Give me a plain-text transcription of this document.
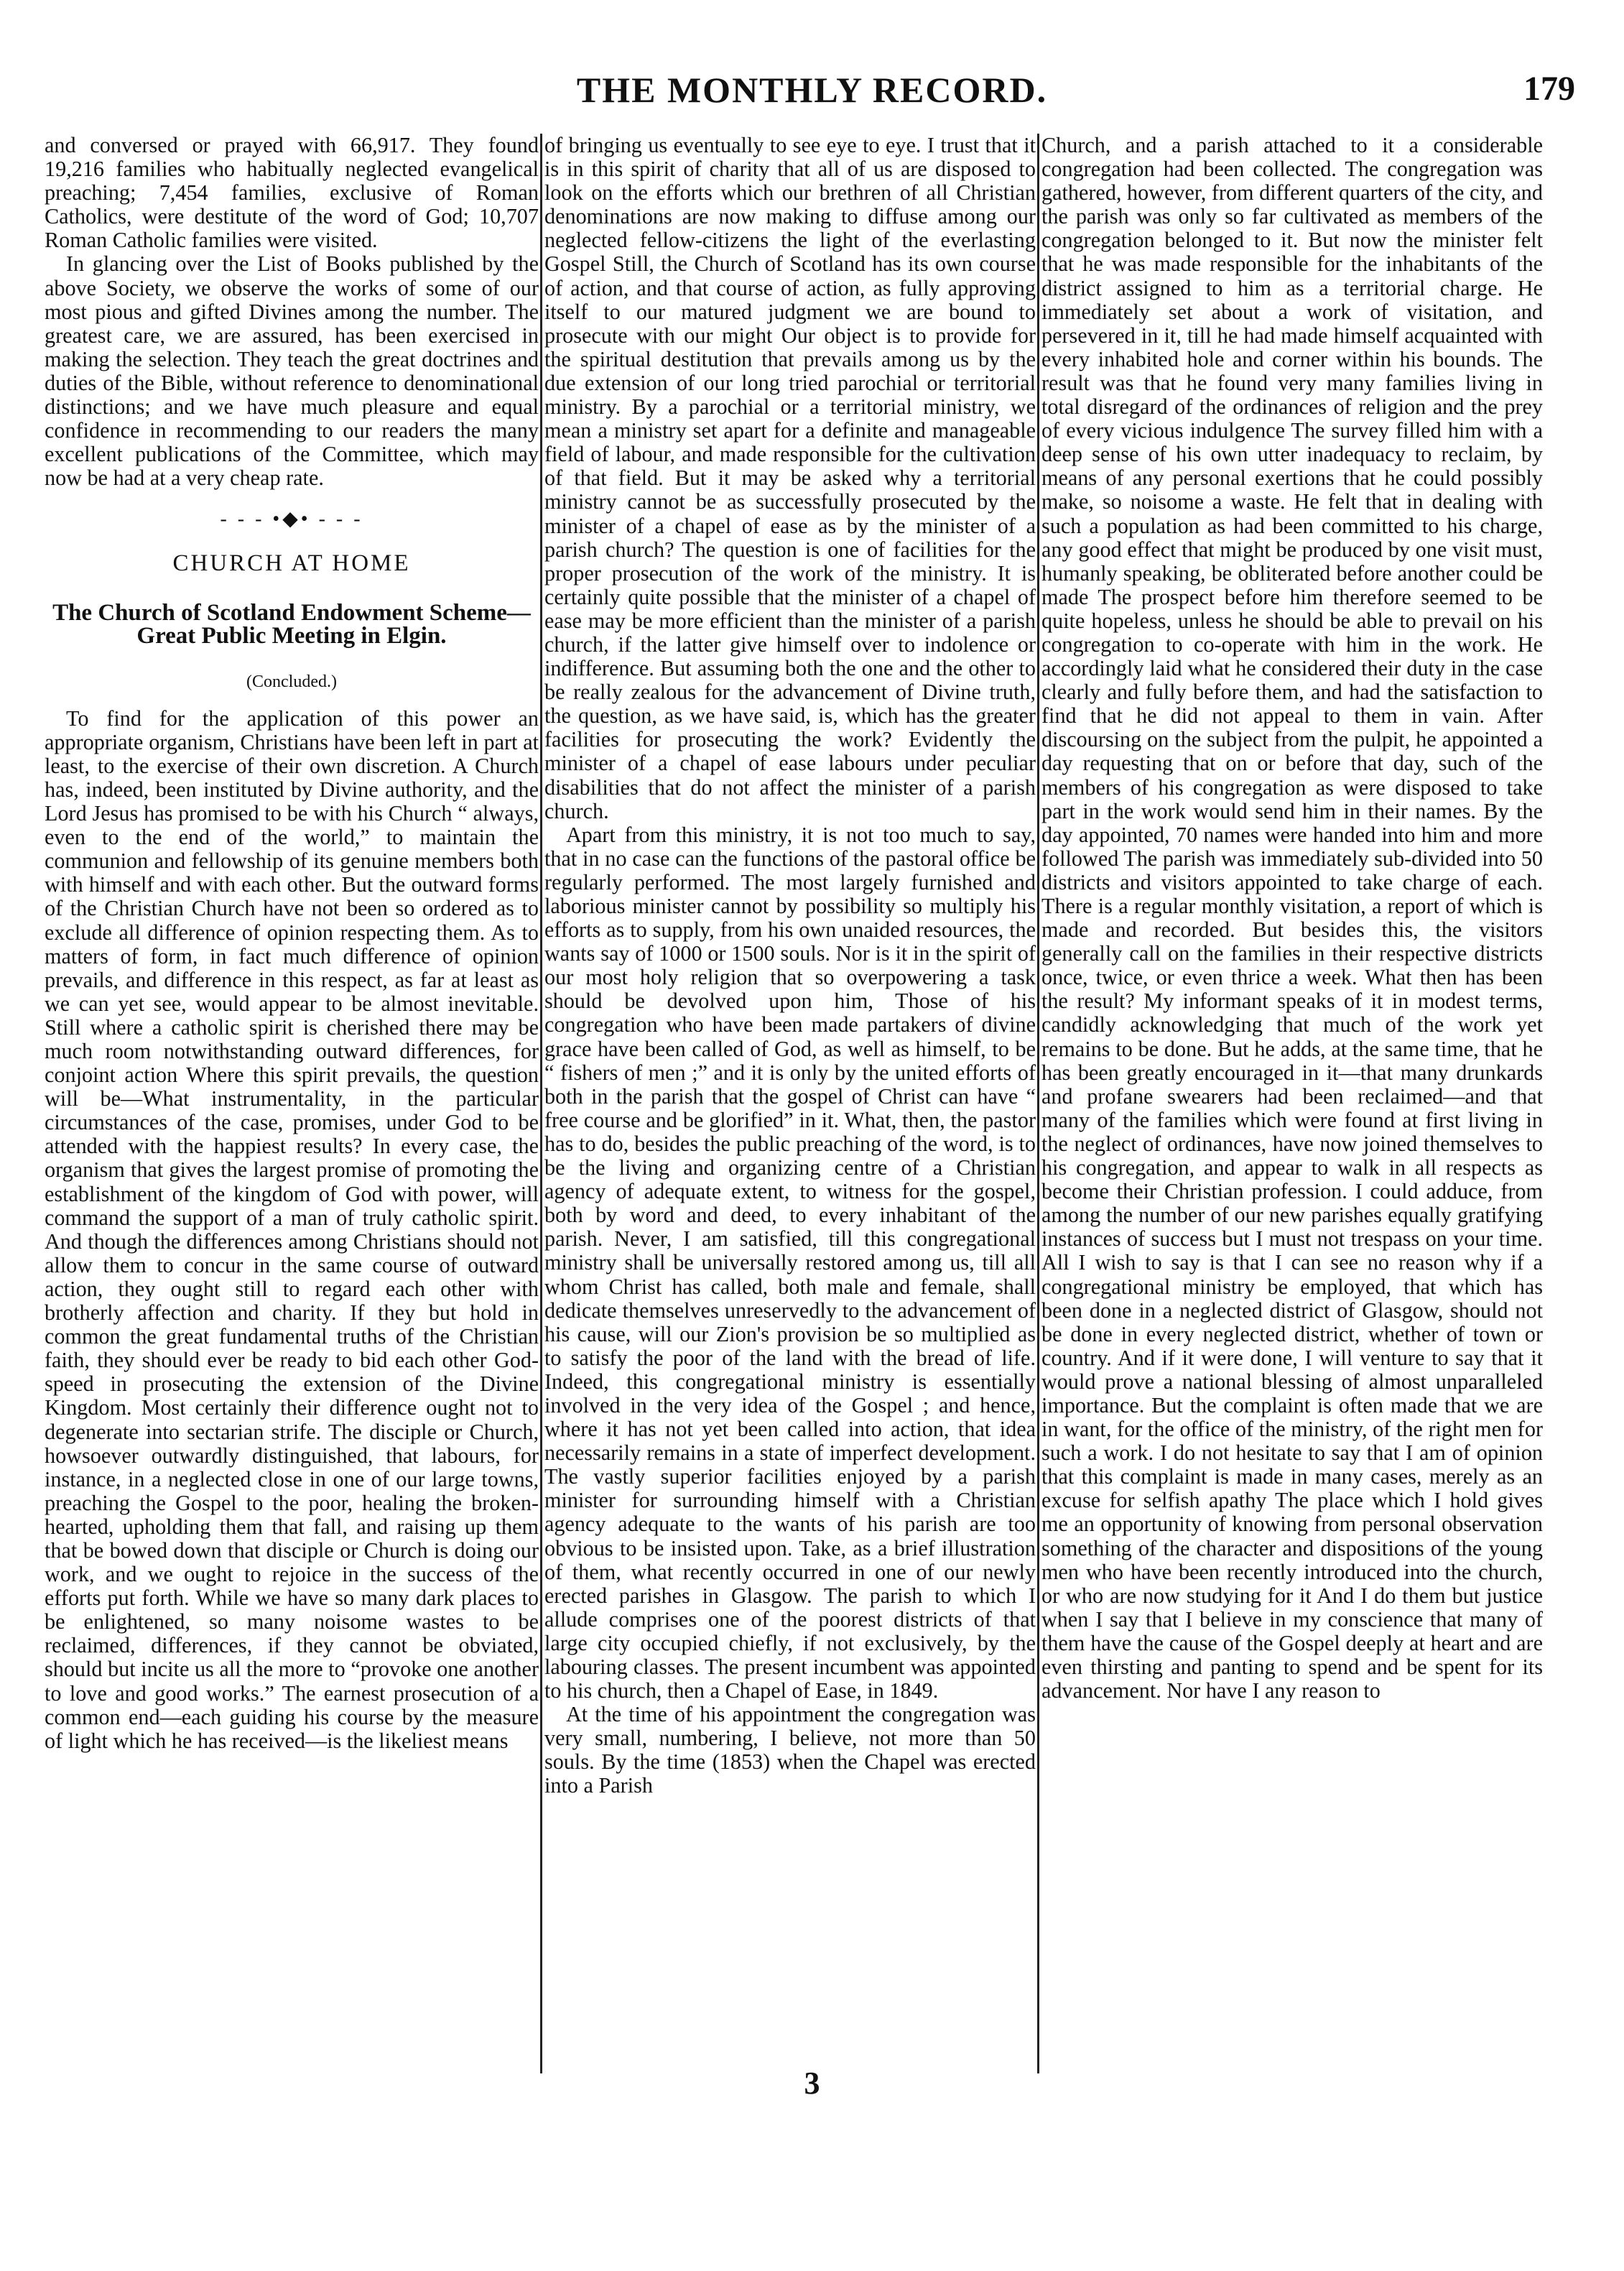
THE MONTHLY RECORD.	179

and conversed or prayed with 66,917. They found 19,216 families who habitually neglected evangelical preaching; 7,454 families, exclusive of Roman Catholics, were destitute of the word of God; 10,707 Roman Catholic families were visited.

In glancing over the List of Books published by the above Society, we observe the works of some of our most pious and gifted Divines among the number. The greatest care, we are assured, has been exercised in making the selection. They teach the great doctrines and duties of the Bible, without reference to denominational distinctions; and we have much pleasure and equal confidence in recommending to our readers the many excellent publications of the Committee, which may now be had at a very cheap rate.

- - - •◆• - - -
CHURCH AT HOME
The Church of Scotland Endowment Scheme—Great Public Meeting in Elgin.
(Concluded.)

To find for the application of this power an appropriate organism, Christians have been left in part at least, to the exercise of their own discretion. A Church has, indeed, been instituted by Divine authority, and the Lord Jesus has promised to be with his Church “ always, even to the end of the world,” to maintain the communion and fellowship of its genuine members both with himself and with each other. But the outward forms of the Christian Church have not been so ordered as to exclude all difference of opinion respecting them. As to matters of form, in fact much difference of opinion prevails, and difference in this respect, as far at least as we can yet see, would appear to be almost inevitable. Still where a catholic spirit is cherished there may be much room notwithstanding outward differences, for conjoint action Where this spirit prevails, the question will be—What instrumentality, in the particular circumstances of the case, promises, under God to be attended with the happiest results? In every case, the organism that gives the largest promise of promoting the establishment of the kingdom of God with power, will command the support of a man of truly catholic spirit. And though the differences among Christians should not allow them to concur in the same course of outward action, they ought still to regard each other with brotherly affection and charity. If they but hold in common the great fundamental truths of the Christian faith, they should ever be ready to bid each other God-speed in prosecuting the extension of the Divine Kingdom. Most certainly their difference ought not to degenerate into sectarian strife. The disciple or Church, howsoever outwardly distinguished, that labours, for instance, in a neglected close in one of our large towns, preaching the Gospel to the poor, healing the broken-hearted, upholding them that fall, and raising up them that be bowed down that disciple or Church is doing our work, and we ought to rejoice in the success of the efforts put forth. While we have so many dark places to be enlightened, so many noisome wastes to be reclaimed, differences, if they cannot be obviated, should but incite us all the more to “provoke one another to love and good works.” The earnest prosecution of a common end—each guiding his course by the measure of light which he has received—is the likeliest means

of bringing us eventually to see eye to eye. I trust that it is in this spirit of charity that all of us are disposed to look on the efforts which our brethren of all Christian denominations are now making to diffuse among our neglected fellow-citizens the light of the everlasting Gospel Still, the Church of Scotland has its own course of action, and that course of action, as fully approving itself to our matured judgment we are bound to prosecute with our might Our object is to provide for the spiritual destitution that prevails among us by the due extension of our long tried parochial or territorial ministry. By a parochial or a territorial ministry, we mean a ministry set apart for a definite and manageable field of labour, and made responsible for the cultivation of that field. But it may be asked why a territorial ministry cannot be as successfully prosecuted by the minister of a chapel of ease as by the minister of a parish church? The question is one of facilities for the proper prosecution of the work of the ministry. It is certainly quite possible that the minister of a chapel of ease may be more efficient than the minister of a parish church, if the latter give himself over to indolence or indifference. But assuming both the one and the other to be really zealous for the advancement of Divine truth, the question, as we have said, is, which has the greater facilities for prosecuting the work? Evidently the minister of a chapel of ease labours under peculiar disabilities that do not affect the minister of a parish church.

Apart from this ministry, it is not too much to say, that in no case can the functions of the pastoral office be regularly performed. The most largely furnished and laborious minister cannot by possibility so multiply his efforts as to supply, from his own unaided resources, the wants say of 1000 or 1500 souls. Nor is it in the spirit of our most holy religion that so overpowering a task should be devolved upon him, Those of his congregation who have been made partakers of divine grace have been called of God, as well as himself, to be “ fishers of men ;” and it is only by the united efforts of both in the parish that the gospel of Christ can have “ free course and be glorified” in it. What, then, the pastor has to do, besides the public preaching of the word, is to be the living and organizing centre of a Christian agency of adequate extent, to witness for the gospel, both by word and deed, to every inhabitant of the parish. Never, I am satisfied, till this congregational ministry shall be universally restored among us, till all whom Christ has called, both male and female, shall dedicate themselves unreservedly to the advancement of his cause, will our Zion's provision be so multiplied as to satisfy the poor of the land with the bread of life. Indeed, this congregational ministry is essentially involved in the very idea of the Gospel ; and hence, where it has not yet been called into action, that idea necessarily remains in a state of imperfect development. The vastly superior facilities enjoyed by a parish minister for surrounding himself with a Christian agency adequate to the wants of his parish are too obvious to be insisted upon. Take, as a brief illustration of them, what recently occurred in one of our newly erected parishes in Glasgow. The parish to which I allude comprises one of the poorest districts of that large city occupied chiefly, if not exclusively, by the labouring classes. The present incumbent was appointed to his church, then a Chapel of Ease, in 1849.

At the time of his appointment the congregation was very small, numbering, I believe, not more than 50 souls. By the time (1853) when the Chapel was erected into a Parish

Church, and a parish attached to it a considerable congregation had been collected. The congregation was gathered, however, from different quarters of the city, and the parish was only so far cultivated as members of the congregation belonged to it. But now the minister felt that he was made responsible for the inhabitants of the district assigned to him as a territorial charge. He immediately set about a work of visitation, and persevered in it, till he had made himself acquainted with every inhabited hole and corner within his bounds. The result was that he found very many families living in total disregard of the ordinances of religion and the prey of every vicious indulgence The survey filled him with a deep sense of his own utter inadequacy to reclaim, by means of any personal exertions that he could possibly make, so noisome a waste. He felt that in dealing with such a population as had been committed to his charge, any good effect that might be produced by one visit must, humanly speaking, be obliterated before another could be made The prospect before him therefore seemed to be quite hopeless, unless he should be able to prevail on his congregation to co-operate with him in the work. He accordingly laid what he considered their duty in the case clearly and fully before them, and had the satisfaction to find that he did not appeal to them in vain. After discoursing on the subject from the pulpit, he appointed a day requesting that on or before that day, such of the members of his congregation as were disposed to take part in the work would send him in their names. By the day appointed, 70 names were handed into him and more followed The parish was immediately sub-divided into 50 districts and visitors appointed to take charge of each. There is a regular monthly visitation, a report of which is made and recorded. But besides this, the visitors generally call on the families in their respective districts once, twice, or even thrice a week. What then has been the result? My informant speaks of it in modest terms, candidly acknowledging that much of the work yet remains to be done. But he adds, at the same time, that he has been greatly encouraged in it—that many drunkards and profane swearers had been reclaimed—and that many of the families which were found at first living in the neglect of ordinances, have now joined themselves to his congregation, and appear to walk in all respects as become their Christian profession. I could adduce, from among the number of our new parishes equally gratifying instances of success but I must not trespass on your time. All I wish to say is that I can see no reason why if a congregational ministry be employed, that which has been done in a neglected district of Glasgow, should not be done in every neglected district, whether of town or country. And if it were done, I will venture to say that it would prove a national blessing of almost unparalleled importance. But the complaint is often made that we are in want, for the office of the ministry, of the right men for such a work. I do not hesitate to say that I am of opinion that this complaint is made in many cases, merely as an excuse for selfish apathy The place which I hold gives me an opportunity of knowing from personal observation something of the character and dispositions of the young men who have been recently introduced into the church, or who are now studying for it And I do them but justice when I say that I believe in my conscience that many of them have the cause of the Gospel deeply at heart and are even thirsting and panting to spend and be spent for its advancement. Nor have I any reason to

3
